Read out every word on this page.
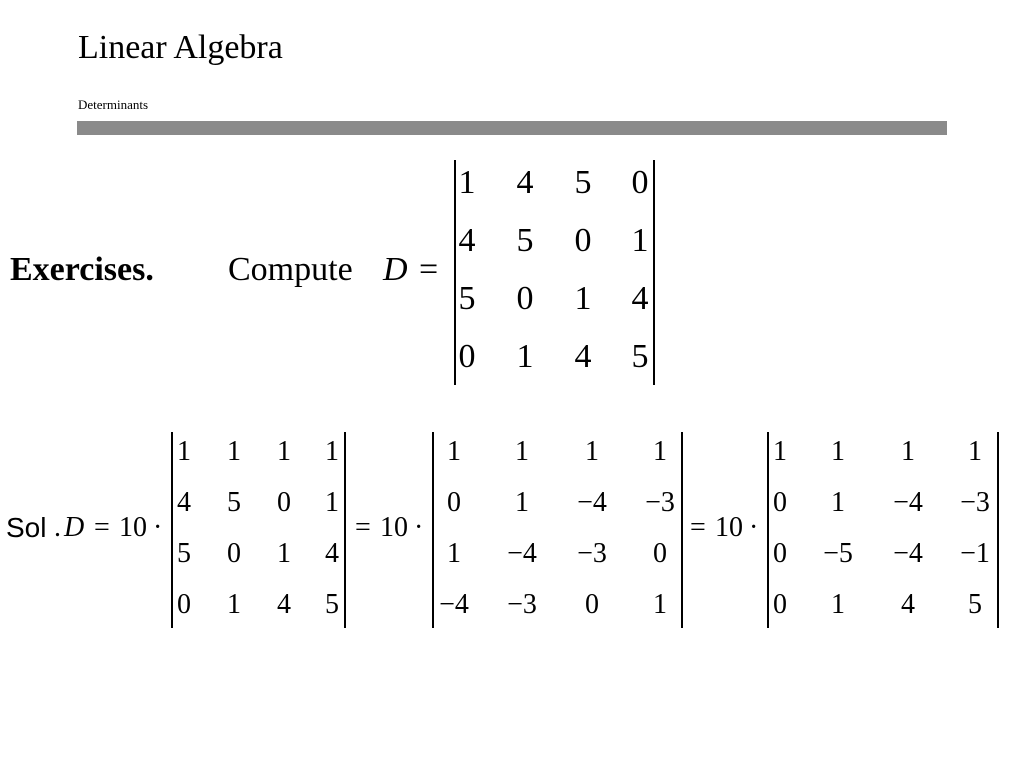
Linear Algebra
Determinants
Exercises. Compute D =
1	4	5	0
4	5	0	1
5	0	1	4
0	1	4	5
Sol . D = 10 ·	= 10 ·	= 10 ·
1	1	1	1
4	5	0	1
5	0	1	4
0	1	4	5
1	1	1	1
0	1	−4	−3
1	−4	−3	0
−4	−3	0	1
1	1	1	1
0	1	−4	−3
0	−5	−4	−1
0	1	4	5
